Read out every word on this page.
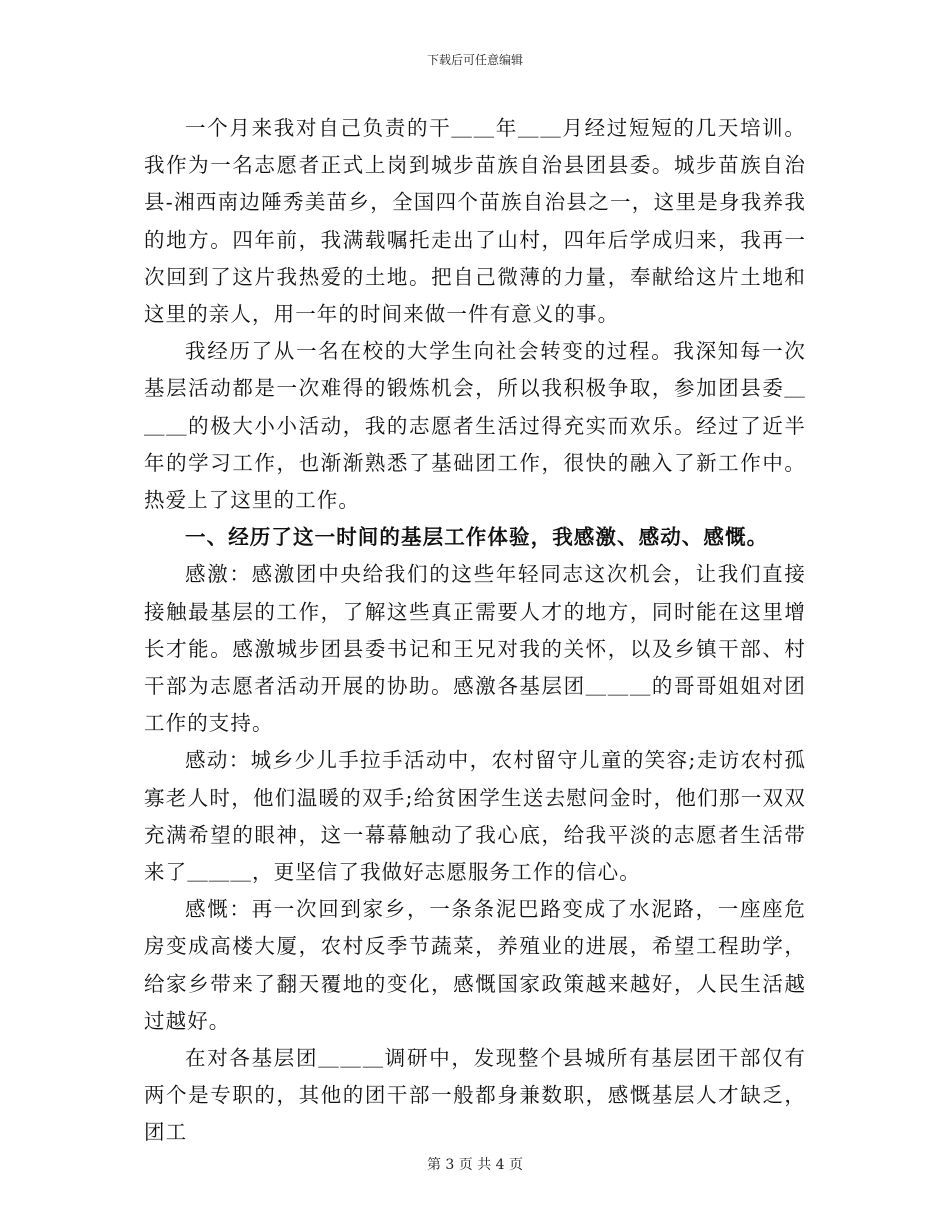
下载后可任意编辑

一个月来我对自己负责的干＿＿年＿＿月经过短短的几天培训。我作为一名志愿者正式上岗到城步苗族自治县团县委。城步苗族自治县-湘西南边陲秀美苗乡，全国四个苗族自治县之一，这里是身我养我的地方。四年前，我满载嘱托走出了山村，四年后学成归来，我再一次回到了这片我热爱的土地。把自己微薄的力量，奉献给这片土地和这里的亲人，用一年的时间来做一件有意义的事。

我经历了从一名在校的大学生向社会转变的过程。我深知每一次基层活动都是一次难得的锻炼机会，所以我积极争取，参加团县委＿＿＿的极大小小活动，我的志愿者生活过得充实而欢乐。经过了近半年的学习工作，也渐渐熟悉了基础团工作，很快的融入了新工作中。热爱上了这里的工作。

一、经历了这一时间的基层工作体验，我感激、感动、感慨。

感激：感激团中央给我们的这些年轻同志这次机会，让我们直接接触最基层的工作，了解这些真正需要人才的地方，同时能在这里增长才能。感激城步团县委书记和王兄对我的关怀，以及乡镇干部、村干部为志愿者活动开展的协助。感激各基层团＿＿＿的哥哥姐姐对团工作的支持。

感动：城乡少儿手拉手活动中，农村留守儿童的笑容;走访农村孤寡老人时，他们温暖的双手;给贫困学生送去慰问金时，他们那一双双充满希望的眼神，这一幕幕触动了我心底，给我平淡的志愿者生活带来了＿＿＿，更坚信了我做好志愿服务工作的信心。

感慨：再一次回到家乡，一条条泥巴路变成了水泥路，一座座危房变成高楼大厦，农村反季节蔬菜，养殖业的进展，希望工程助学，给家乡带来了翻天覆地的变化，感慨国家政策越来越好，人民生活越过越好。

在对各基层团＿＿＿调研中，发现整个县城所有基层团干部仅有两个是专职的，其他的团干部一般都身兼数职，感慨基层人才缺乏，团工

第 3 页 共 4 页
